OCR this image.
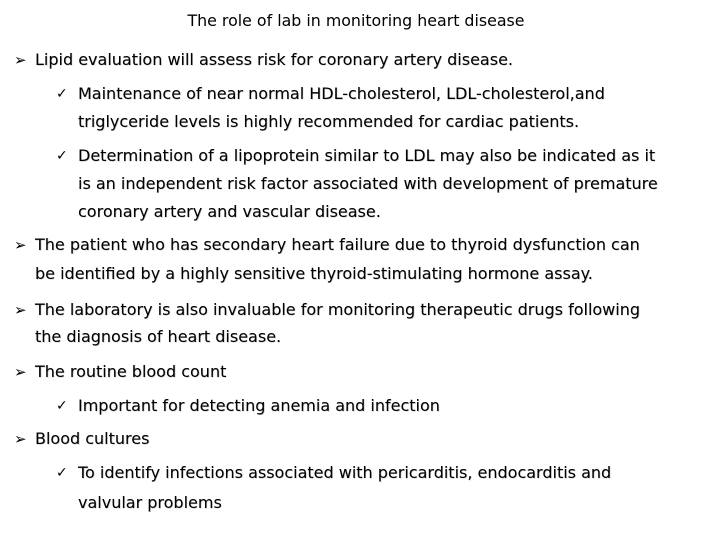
The role of lab in monitoring heart disease
➢ Lipid evaluation will assess risk for coronary artery disease.
✓ Maintenance of near normal HDL-cholesterol, LDL-cholesterol,and
triglyceride levels is highly recommended for cardiac patients.
✓ Determination of a lipoprotein similar to LDL may also be indicated as it
is an independent risk factor associated with development of premature
coronary artery and vascular disease.
➢ The patient who has secondary heart failure due to thyroid dysfunction can
be identified by a highly sensitive thyroid-stimulating hormone assay.
➢ The laboratory is also invaluable for monitoring therapeutic drugs following
the diagnosis of heart disease.
➢ The routine blood count
✓ Important for detecting anemia and infection
➢ Blood cultures
✓ To identify infections associated with pericarditis, endocarditis and
valvular problems
